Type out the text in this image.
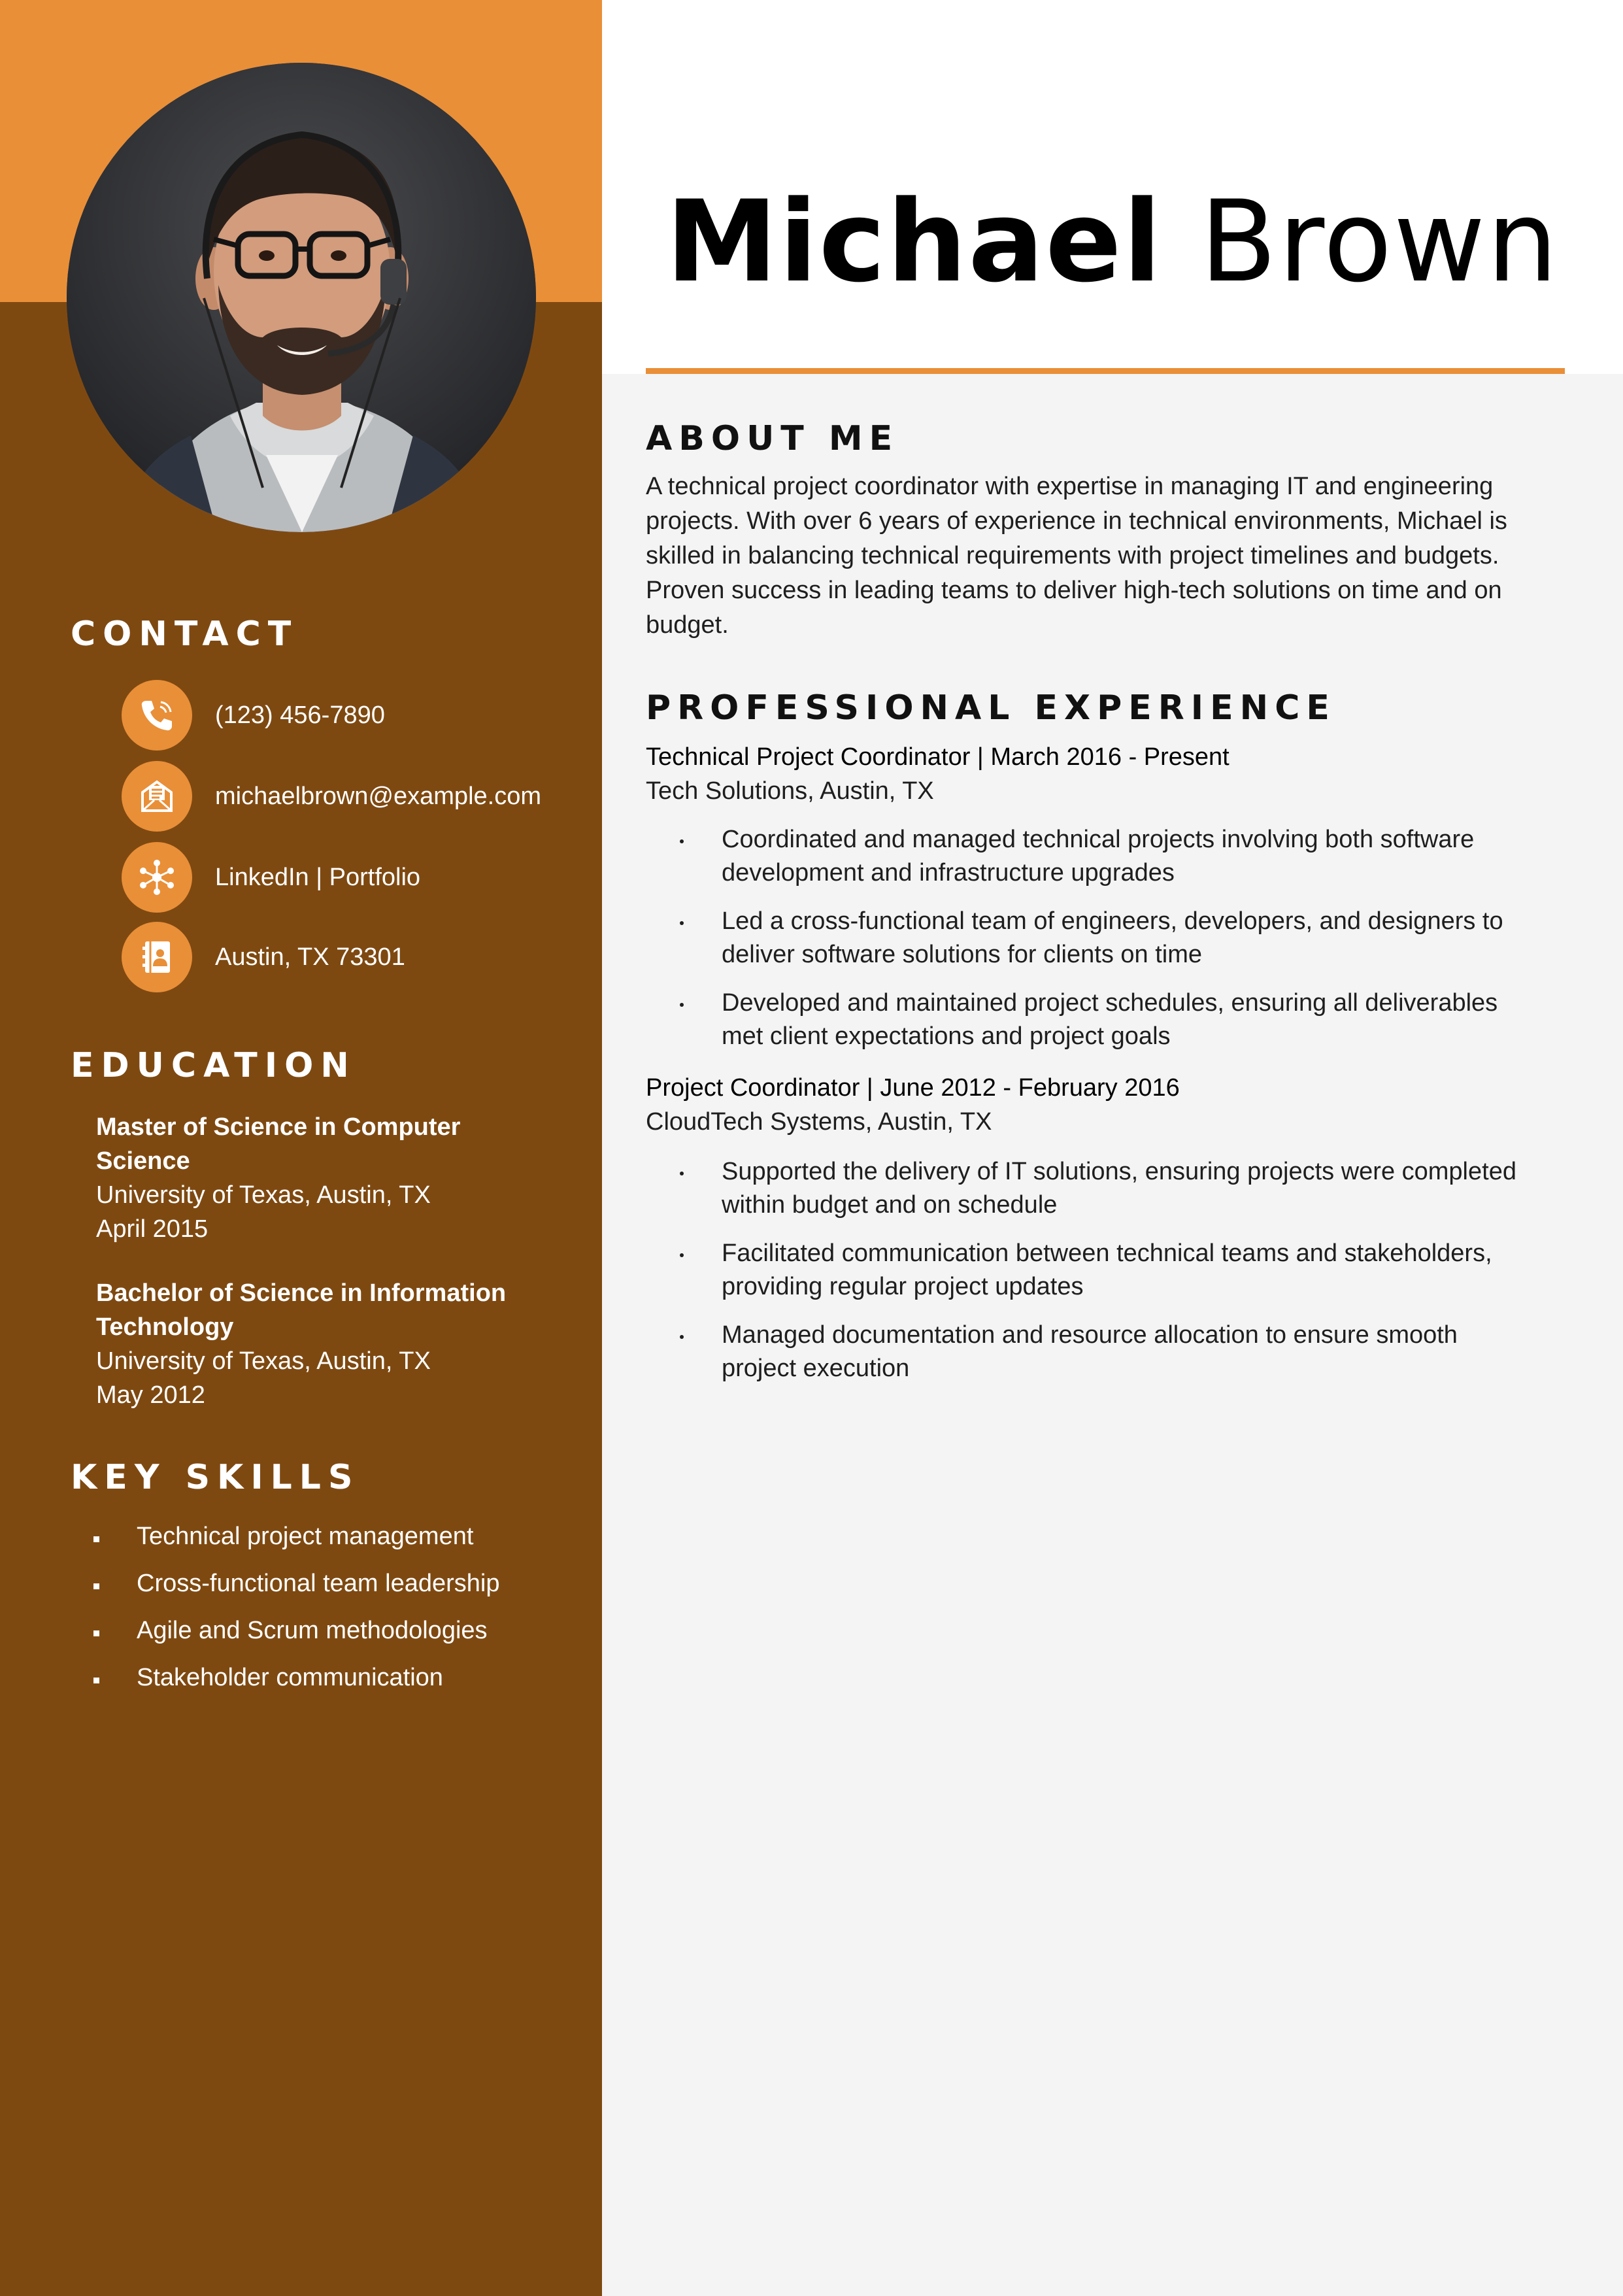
Michael Brown
CONTACT
(123) 456-7890
michaelbrown@example.com
LinkedIn | Portfolio
Austin, TX 73301
EDUCATION
Master of Science in Computer
Science
University of Texas, Austin, TX
April 2015
Bachelor of Science in Information
Technology
University of Texas, Austin, TX
May 2012
KEY SKILLS
Technical project management
Cross-functional team leadership
Agile and Scrum methodologies
Stakeholder communication
ABOUT ME
A technical project coordinator with expertise in managing IT and engineering
projects. With over 6 years of experience in technical environments, Michael is
skilled in balancing technical requirements with project timelines and budgets.
Proven success in leading teams to deliver high-tech solutions on time and on
budget.
PROFESSIONAL EXPERIENCE
Technical Project Coordinator | March 2016 - Present
Tech Solutions, Austin, TX
Coordinated and managed technical projects involving both software
development and infrastructure upgrades
Led a cross-functional team of engineers, developers, and designers to
deliver software solutions for clients on time
Developed and maintained project schedules, ensuring all deliverables
met client expectations and project goals
Project Coordinator | June 2012 - February 2016
CloudTech Systems, Austin, TX
Supported the delivery of IT solutions, ensuring projects were completed
within budget and on schedule
Facilitated communication between technical teams and stakeholders,
providing regular project updates
Managed documentation and resource allocation to ensure smooth
project execution
